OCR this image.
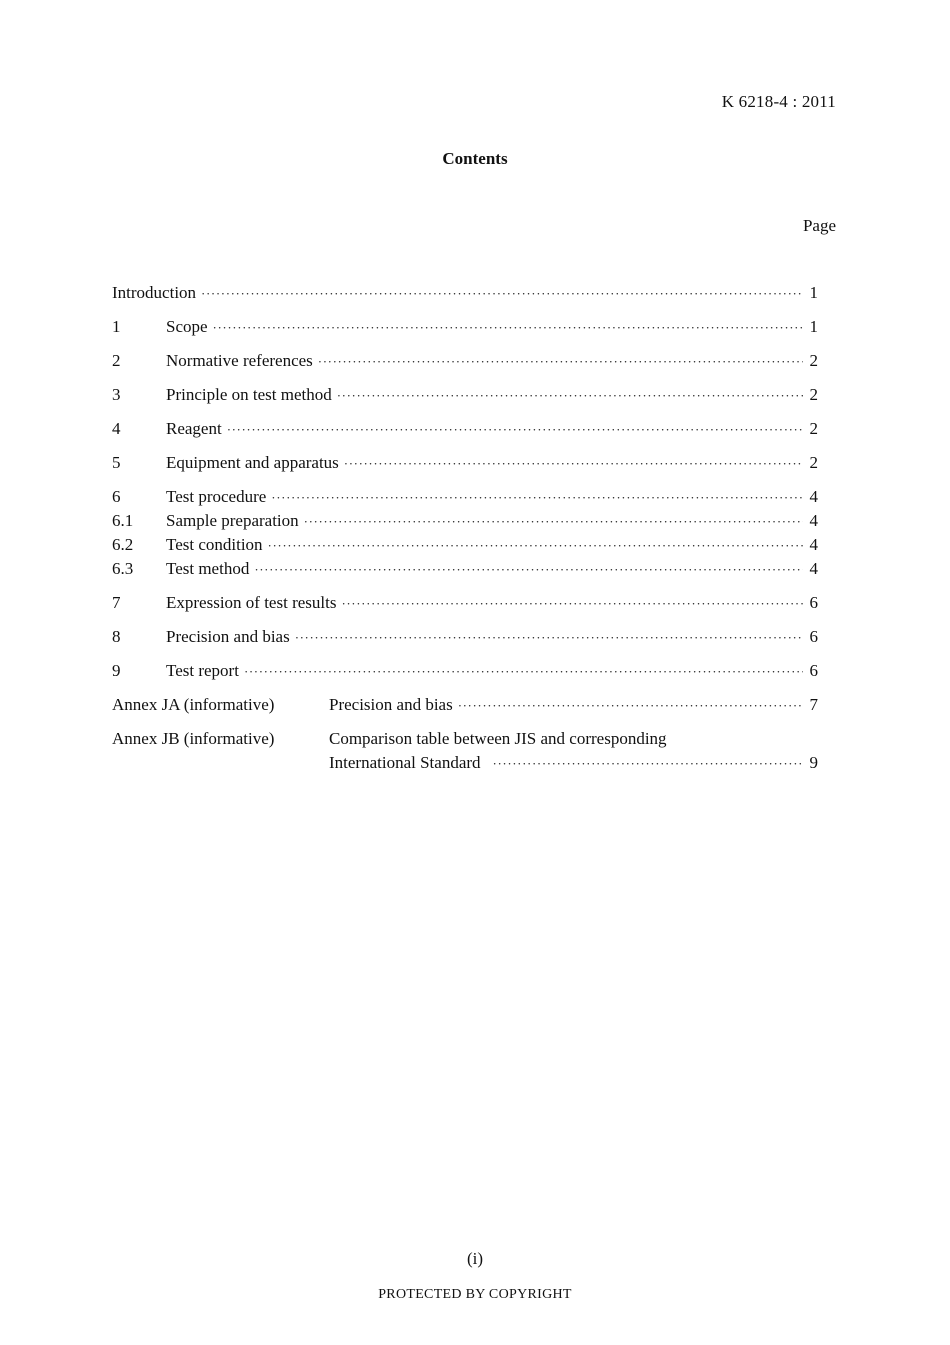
K 6218-4 : 2011
Contents
Page
Introduction ·····	1
1	Scope ·····	1
2	Normative references ·····	2
3	Principle on test method ·····	2
4	Reagent ·····	2
5	Equipment and apparatus ·····	2
6	Test procedure ·····	4
6.1	Sample preparation ·····	4
6.2	Test condition ·····	4
6.3	Test method ·····	4
7	Expression of test results ·····	6
8	Precision and bias ·····	6
9	Test report ·····	6
Annex JA (informative)	Precision and bias ·····	7
Annex JB (informative)	Comparison table between JIS and corresponding
International Standard ·····	9
(i)
PROTECTED BY COPYRIGHT
